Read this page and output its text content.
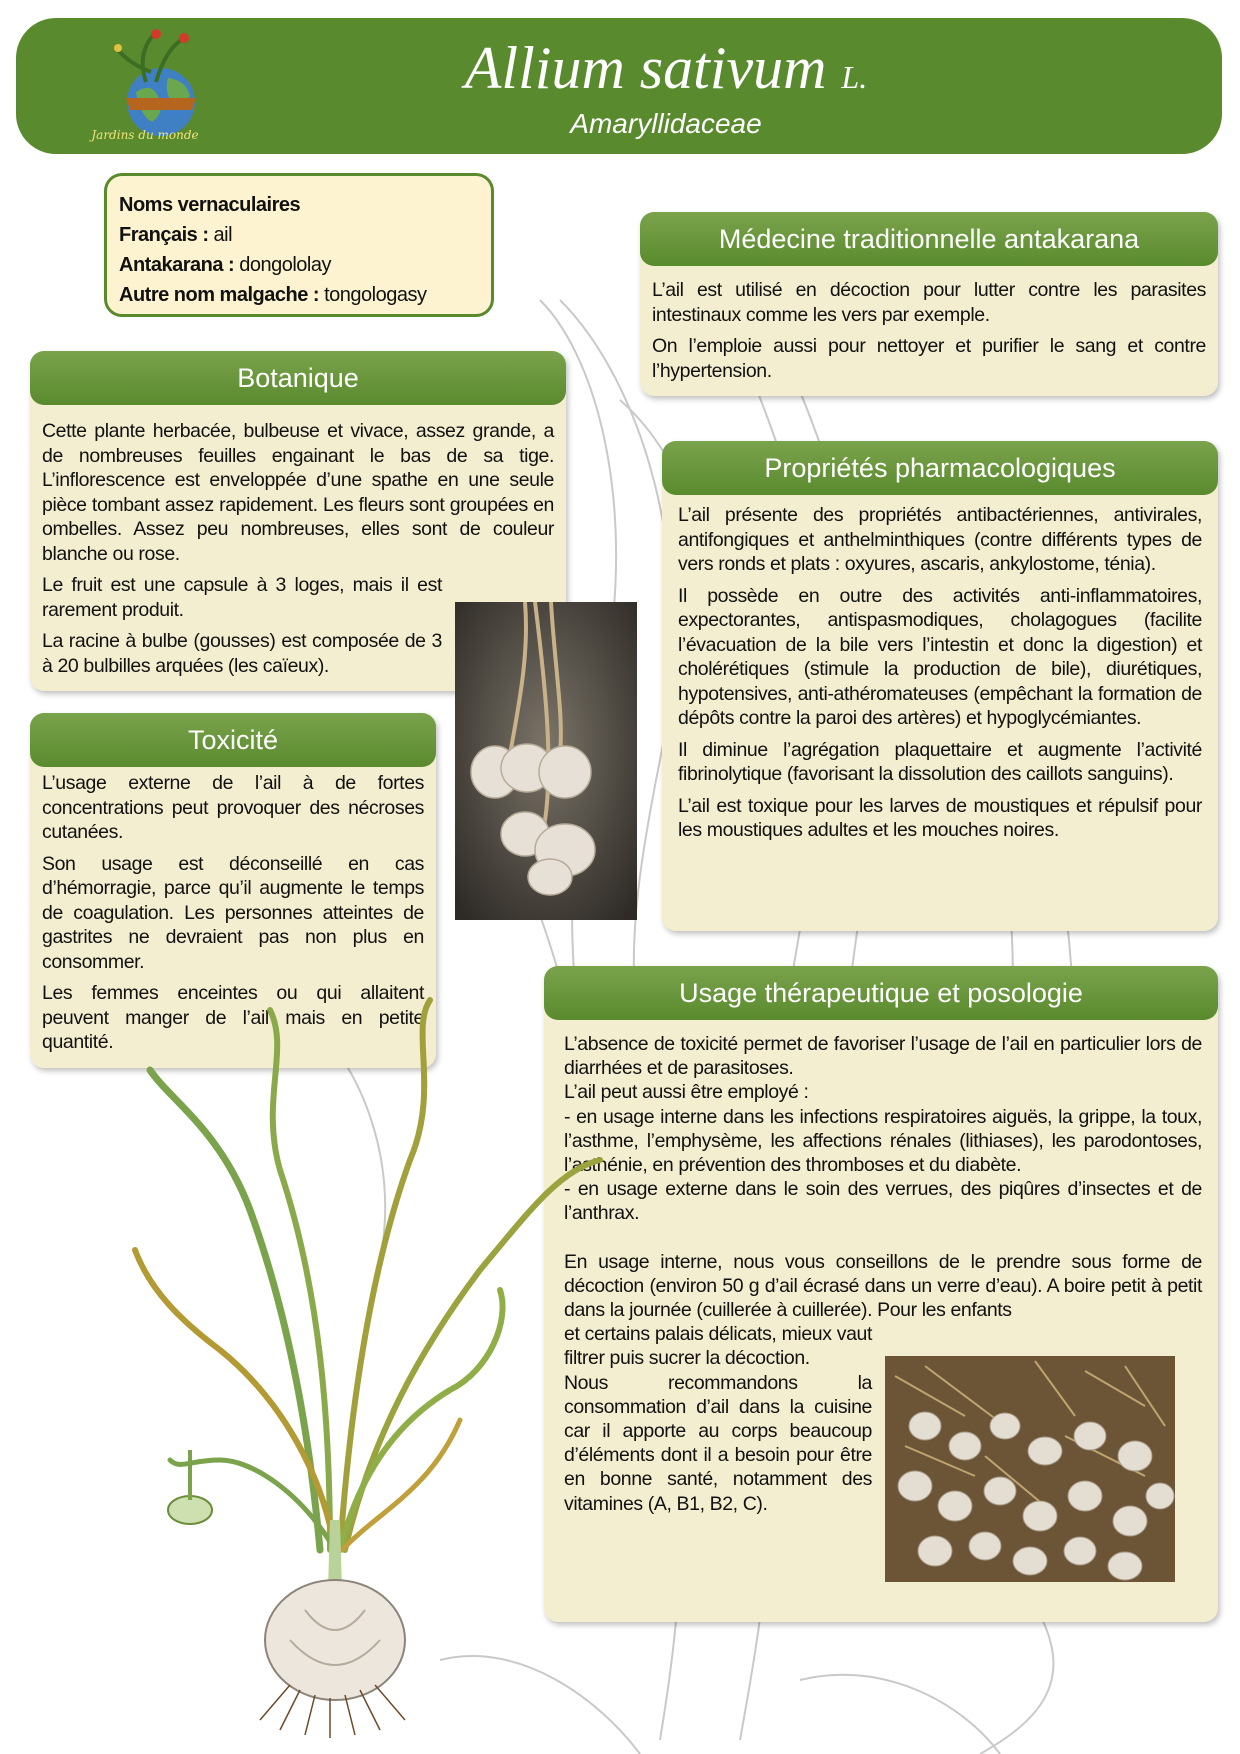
Jardins du monde
Allium sativum L.
Amaryllidaceae
Noms vernaculaires
Français : ail
Antakarana : dongololay
Autre nom malgache : tongologasy
Médecine traditionnelle antakarana

L’ail est utilisé en décoction pour lutter contre les parasites intestinaux comme les vers par exemple.

On l’emploie aussi pour nettoyer et purifier le sang et contre l’hypertension.

Botanique

Cette plante herbacée, bulbeuse et vivace, assez grande, a de nombreuses feuilles engainant le bas de sa tige. L’inflorescence est enveloppée d’une spathe en une seule pièce tombant assez rapidement. Les fleurs sont groupées en ombelles. Assez peu nombreuses, elles sont de couleur blanche ou rose.

Le fruit est une capsule à 3 loges, mais il est rarement produit.

La racine à bulbe (gousses) est composée de 3 à 20 bulbilles arquées (les caïeux).

Propriétés pharmacologiques

L’ail présente des propriétés antibactériennes, antivirales, antifongiques et anthelminthiques (contre différents types de vers ronds et plats : oxyures, ascaris, ankylostome, ténia).

Il possède en outre des activités anti-inflammatoires, expectorantes, antispasmodiques, cholagogues (facilite l’évacuation de la bile vers l’intestin et donc la digestion) et cholérétiques (stimule la production de bile), diurétiques, hypotensives, anti-athéromateuses (empêchant la formation de dépôts contre la paroi des artères) et hypoglycémiantes.

Il diminue l’agrégation plaquettaire et augmente l’activité fibrinolytique (favorisant la dissolution des caillots sanguins).

L’ail est toxique pour les larves de moustiques et répulsif pour les moustiques adultes et les mouches noires.

Toxicité

L’usage externe de l’ail à de fortes concentrations peut provoquer des nécroses cutanées.

Son usage est déconseillé en cas d’hémorragie, parce qu’il augmente le temps de coagulation. Les personnes atteintes de gastrites ne devraient pas non plus en consommer.

Les femmes enceintes ou qui allaitent peuvent manger de l’ail mais en petite quantité.

Usage thérapeutique et posologie

L’absence de toxicité permet de favoriser l’usage de l’ail en particulier lors de diarrhées et de parasitoses.

L’ail peut aussi être employé :

- en usage interne dans les infections respiratoires aiguës, la grippe, la toux, l’asthme, l’emphysème, les affections rénales (lithiases), les parodontoses, l’asthénie, en prévention des thromboses et du diabète.

- en usage externe dans le soin des verrues, des piqûres d’insectes et de l’anthrax.

En usage interne, nous vous conseillons de le prendre sous forme de décoction (environ 50 g d’ail écrasé dans un verre d’eau). A boire petit à petit dans la journée (cuillerée à cuillerée). Pour les enfants

et certains palais délicats, mieux vaut filtrer puis sucrer la décoction.

Nous recommandons la consommation d’ail dans la cuisine car il apporte au corps beaucoup d’éléments dont il a besoin pour être en bonne santé, notamment des vitamines (A, B1, B2, C).
